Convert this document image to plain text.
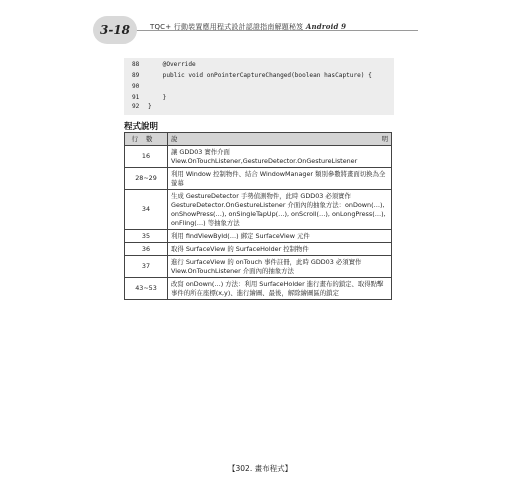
3-18	TQC+ 行動裝置應用程式設計認證指南解題秘笈 Android 9
88    @Override
89    public void onPointerCaptureChanged(boolean hasCapture) {
90
91    }
92 }
程式說明
行數	說 明

16	讓 GDD03 實作介面 View.OnTouchListener,GestureDetector.OnGestureListener
28~29	利用 Window 控制物件、結合 WindowManager 類別參數將畫面切換為全螢幕
34	生成 GestureDetector 手勢偵測物件，此時 GDD03 必須實作 GestureDetector.OnGestureListener 介面內的抽象方法：onDown(…), onShowPress(…), onSingleTapUp(…), onScroll(…), onLongPress(…), onFling(…) 等抽象方法
35	利用 findViewById(…) 綁定 SurfaceView 元件
36	取得 SurfaceView 的 SurfaceHolder 控制物件
37	進行 SurfaceView 的 onTouch 事件註冊，此時 GDD03 必須實作 View.OnTouchListener 介面內的抽象方法
43~53	改寫 onDown(…) 方法：利用 SurfaceHolder 進行畫布的鎖定、取得點擊事件的所在座標(x,y)、進行繪圖、最後，解除繪圖區的鎖定
【302. 畫布程式】
